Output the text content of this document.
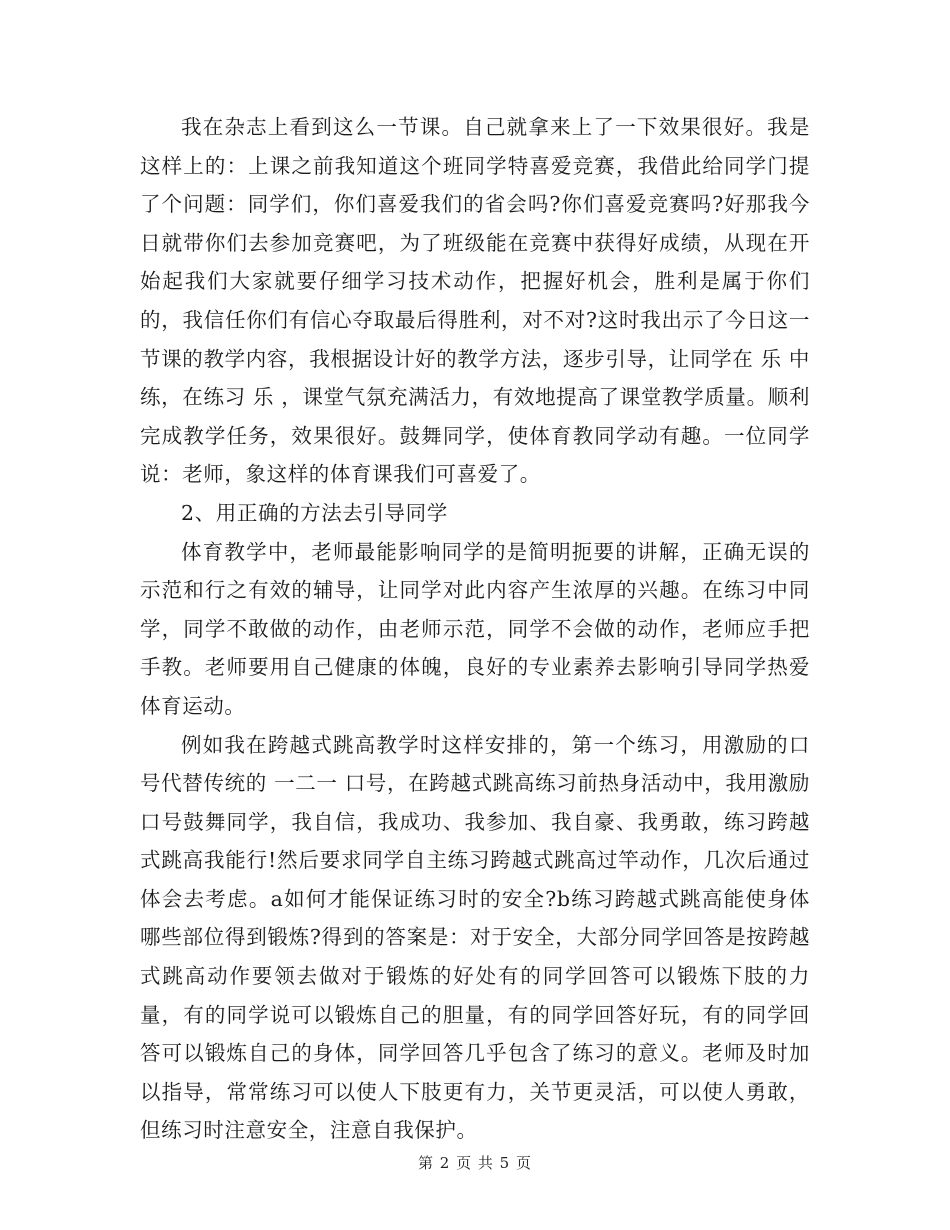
我在杂志上看到这么一节课。自己就拿来上了一下效果很好。我是这样上的：上课之前我知道这个班同学特喜爱竞赛，我借此给同学门提了个问题：同学们，你们喜爱我们的省会吗?你们喜爱竞赛吗?好那我今日就带你们去参加竞赛吧，为了班级能在竞赛中获得好成绩，从现在开始起我们大家就要仔细学习技术动作，把握好机会，胜利是属于你们的，我信任你们有信心夺取最后得胜利，对不对?这时我出示了今日这一节课的教学内容，我根据设计好的教学方法，逐步引导，让同学在 乐 中练，在练习 乐 ，课堂气氛充满活力，有效地提高了课堂教学质量。顺利完成教学任务，效果很好。鼓舞同学，使体育教同学动有趣。一位同学说：老师，象这样的体育课我们可喜爱了。

2、用正确的方法去引导同学

体育教学中，老师最能影响同学的是简明扼要的讲解，正确无误的示范和行之有效的辅导，让同学对此内容产生浓厚的兴趣。在练习中同学，同学不敢做的动作，由老师示范，同学不会做的动作，老师应手把手教。老师要用自己健康的体魄，良好的专业素养去影响引导同学热爱体育运动。

例如我在跨越式跳高教学时这样安排的，第一个练习，用激励的口号代替传统的 一二一 口号，在跨越式跳高练习前热身活动中，我用激励口号鼓舞同学，我自信，我成功、我参加、我自豪、我勇敢，练习跨越式跳高我能行!然后要求同学自主练习跨越式跳高过竿动作，几次后通过体会去考虑。a如何才能保证练习时的安全?b练习跨越式跳高能使身体哪些部位得到锻炼?得到的答案是：对于安全，大部分同学回答是按跨越式跳高动作要领去做对于锻炼的好处有的同学回答可以锻炼下肢的力量，有的同学说可以锻炼自己的胆量，有的同学回答好玩，有的同学回答可以锻炼自己的身体，同学回答几乎包含了练习的意义。老师及时加以指导，常常练习可以使人下肢更有力，关节更灵活，可以使人勇敢，但练习时注意安全，注意自我保护。

第 2 页 共 5 页
